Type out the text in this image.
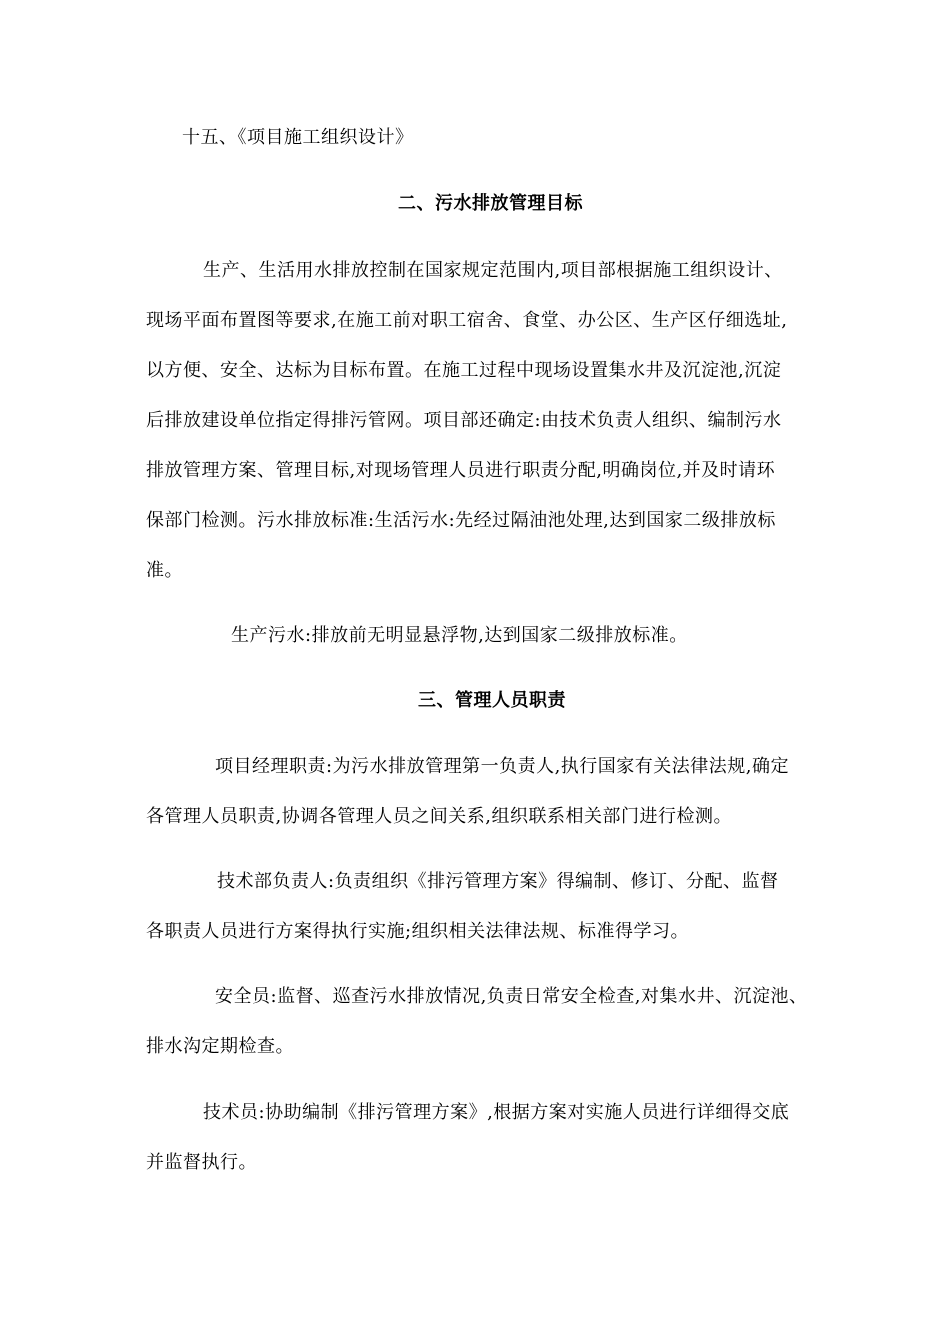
十五、《项目施工组织设计》
二、污水排放管理目标
生产、生活用水排放控制在国家规定范围内,项目部根据施工组织设计、
现场平面布置图等要求,在施工前对职工宿舍、食堂、办公区、生产区仔细选址,
以方便、安全、达标为目标布置。在施工过程中现场设置集水井及沉淀池,沉淀
后排放建设单位指定得排污管网。项目部还确定:由技术负责人组织、编制污水
排放管理方案、管理目标,对现场管理人员进行职责分配,明确岗位,并及时请环
保部门检测。污水排放标准:生活污水:先经过隔油池处理,达到国家二级排放标
准。
生产污水:排放前无明显悬浮物,达到国家二级排放标准。
三、管理人员职责
项目经理职责:为污水排放管理第一负责人,执行国家有关法律法规,确定
各管理人员职责,协调各管理人员之间关系,组织联系相关部门进行检测。
技术部负责人:负责组织《排污管理方案》得编制、修订、分配、监督
各职责人员进行方案得执行实施;组织相关法律法规、标准得学习。
安全员:监督、巡查污水排放情况,负责日常安全检查,对集水井、沉淀池、
排水沟定期检查。
技术员:协助编制《排污管理方案》,根据方案对实施人员进行详细得交底
并监督执行。
